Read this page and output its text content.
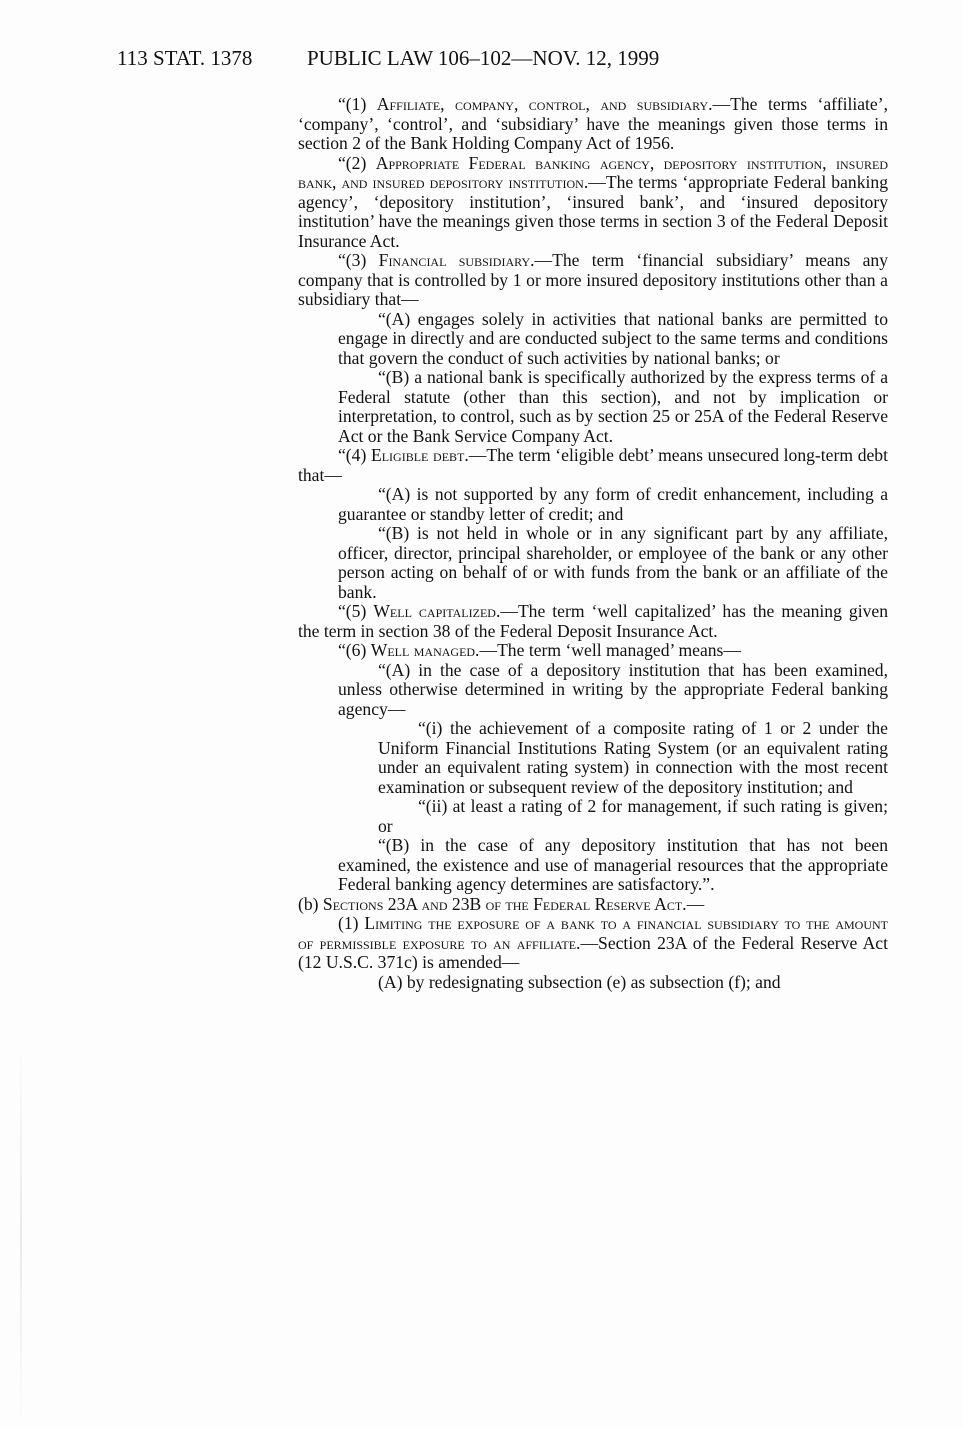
113 STAT. 1378	PUBLIC LAW 106–102—NOV. 12, 1999

“(1) Affiliate, company, control, and subsidiary.—The terms ‘affiliate’, ‘company’, ‘control’, and ‘subsidiary’ have the meanings given those terms in section 2 of the Bank Holding Company Act of 1956.

“(2) Appropriate Federal banking agency, depository institution, insured bank, and insured depository institution.—The terms ‘appropriate Federal banking agency’, ‘depository institution’, ‘insured bank’, and ‘insured depository institution’ have the meanings given those terms in section 3 of the Federal Deposit Insurance Act.

“(3) Financial subsidiary.—The term ‘financial subsidiary’ means any company that is controlled by 1 or more insured depository institutions other than a subsidiary that—

“(A) engages solely in activities that national banks are permitted to engage in directly and are conducted subject to the same terms and conditions that govern the conduct of such activities by national banks; or

“(B) a national bank is specifically authorized by the express terms of a Federal statute (other than this section), and not by implication or interpretation, to control, such as by section 25 or 25A of the Federal Reserve Act or the Bank Service Company Act.

“(4) Eligible debt.—The term ‘eligible debt’ means unsecured long-term debt that—

“(A) is not supported by any form of credit enhancement, including a guarantee or standby letter of credit; and

“(B) is not held in whole or in any significant part by any affiliate, officer, director, principal shareholder, or employee of the bank or any other person acting on behalf of or with funds from the bank or an affiliate of the bank.

“(5) Well capitalized.—The term ‘well capitalized’ has the meaning given the term in section 38 of the Federal Deposit Insurance Act.

“(6) Well managed.—The term ‘well managed’ means—

“(A) in the case of a depository institution that has been examined, unless otherwise determined in writing by the appropriate Federal banking agency—

“(i) the achievement of a composite rating of 1 or 2 under the Uniform Financial Institutions Rating System (or an equivalent rating under an equivalent rating system) in connection with the most recent examination or subsequent review of the depository institution; and

“(ii) at least a rating of 2 for management, if such rating is given; or

“(B) in the case of any depository institution that has not been examined, the existence and use of managerial resources that the appropriate Federal banking agency determines are satisfactory.”.

(b) Sections 23A and 23B of the Federal Reserve Act.—

(1) Limiting the exposure of a bank to a financial subsidiary to the amount of permissible exposure to an affiliate.—Section 23A of the Federal Reserve Act (12 U.S.C. 371c) is amended—

(A) by redesignating subsection (e) as subsection (f); and
